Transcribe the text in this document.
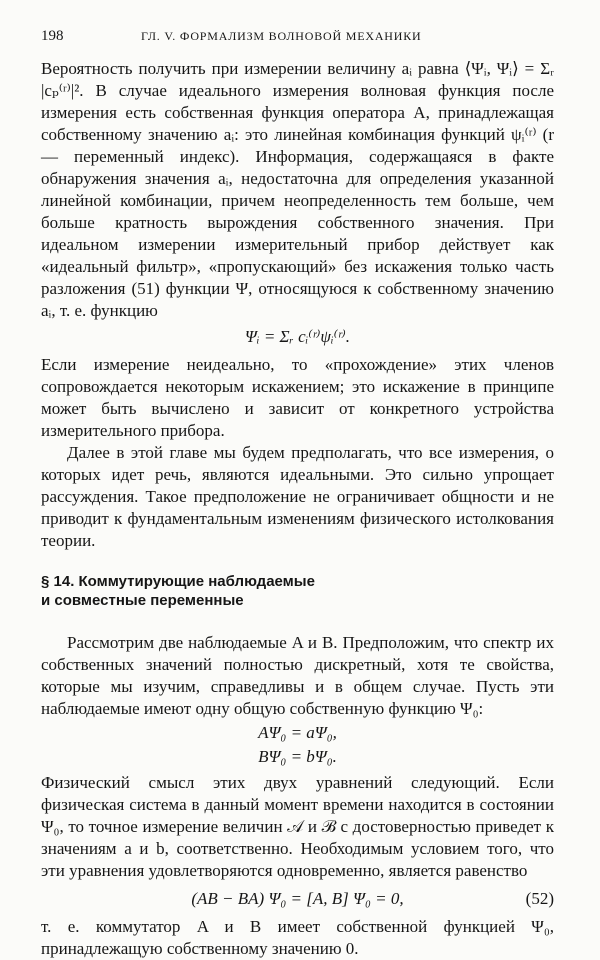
198	ГЛ. V. ФОРМАЛИЗМ ВОЛНОВОЙ МЕХАНИКИ

Вероятность получить при измерении величину aᵢ равна ⟨Ψᵢ, Ψᵢ⟩ = Σᵣ |cₚ⁽ʳ⁾|². В случае идеального измерения волновая функция после измерения есть собственная функция оператора A, принадлежащая собственному значению aᵢ: это линейная комбинация функций ψᵢ⁽ʳ⁾ (r — переменный индекс). Информация, содержащаяся в факте обнаружения значения aᵢ, недостаточна для определения указанной линейной комбинации, причем неопределенность тем больше, чем больше кратность вырождения собственного значения. При идеальном измерении измерительный прибор действует как «идеальный фильтр», «пропускающий» без искажения только часть разложения (51) функции Ψ, относящуюся к собственному значению aᵢ, т. е. функцию

Ψᵢ = Σᵣ cᵢ⁽ʳ⁾ψᵢ⁽ʳ⁾.

Если измерение неидеально, то «прохождение» этих членов сопровождается некоторым искажением; это искажение в принципе может быть вычислено и зависит от конкретного устройства измерительного прибора.

Далее в этой главе мы будем предполагать, что все измерения, о которых идет речь, являются идеальными. Это сильно упрощает рассуждения. Такое предположение не ограничивает общности и не приводит к фундаментальным изменениям физического истолкования теории.

§ 14. Коммутирующие наблюдаемые
и совместные переменные

Рассмотрим две наблюдаемые A и B. Предположим, что спектр их собственных значений полностью дискретный, хотя те свойства, которые мы изучим, справедливы и в общем случае. Пусть эти наблюдаемые имеют одну общую собственную функцию Ψ₀:

AΨ₀ = aΨ₀,
BΨ₀ = bΨ₀.

Физический смысл этих двух уравнений следующий. Если физическая система в данный момент времени находится в состоянии Ψ₀, то точное измерение величин 𝒜 и ℬ с достоверностью приведет к значениям a и b, соответственно. Необходимым условием того, что эти уравнения удовлетворяются одновременно, является равенство

(AB − BA) Ψ₀ = [A, B] Ψ₀ = 0,	(52)

т. е. коммутатор A и B имеет собственной функцией Ψ₀, принадлежащую собственному значению 0.
